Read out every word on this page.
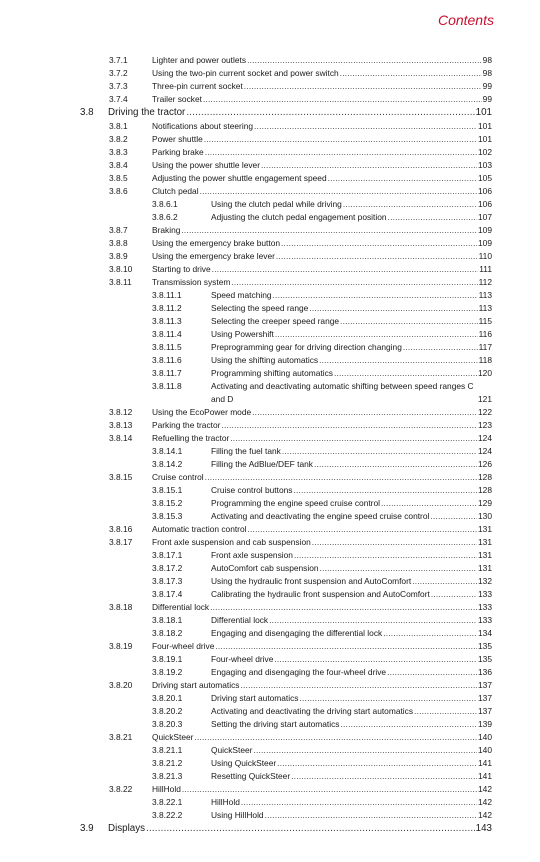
Contents
3.7.1	Lighter and power outlets .....	98
3.7.2	Using the two-pin current socket and power switch .....	98
3.7.3	Three-pin current socket .....	99
3.7.4	Trailer socket .....	99
3.8 Driving the tractor .....	101
3.8.1	Notifications about steering .....	101
3.8.2	Power shuttle .....	101
3.8.3	Parking brake .....	102
3.8.4	Using the power shuttle lever .....	103
3.8.5	Adjusting the power shuttle engagement speed .....	105
3.8.6	Clutch pedal .....	106
3.8.6.1	Using the clutch pedal while driving .....	106
3.8.6.2	Adjusting the clutch pedal engagement position .....	107
3.8.7	Braking .....	109
3.8.8	Using the emergency brake button .....	109
3.8.9	Using the emergency brake lever .....	110
3.8.10 Starting to drive .....	111
3.8.11 Transmission system .....	112
3.8.11.1	Speed matching .....	113
3.8.11.2	Selecting the speed range .....	113
3.8.11.3	Selecting the creeper speed range .....	115
3.8.11.4	Using Powershift .....	116
3.8.11.5	Preprogramming gear for driving direction changing .....	117
3.8.11.6	Using the shifting automatics .....	118
3.8.11.7	Programming shifting automatics .....	120
3.8.11.8	Activating and deactivating automatic shifting between speed ranges C and D .....	121
3.8.12 Using the EcoPower mode .....	122
3.8.13 Parking the tractor .....	123
3.8.14 Refuelling the tractor .....	124
3.8.14.1	Filling the fuel tank .....	124
3.8.14.2	Filling the AdBlue/DEF tank .....	126
3.8.15 Cruise control .....	128
3.8.15.1	Cruise control buttons .....	128
3.8.15.2	Programming the engine speed cruise control .....	129
3.8.15.3	Activating and deactivating the engine speed cruise control .....	130
3.8.16 Automatic traction control .....	131
3.8.17 Front axle suspension and cab suspension .....	131
3.8.17.1	Front axle suspension .....	131
3.8.17.2	AutoComfort cab suspension .....	131
3.8.17.3	Using the hydraulic front suspension and AutoComfort .....	132
3.8.17.4	Calibrating the hydraulic front suspension and AutoComfort .....	133
3.8.18 Differential lock .....	133
3.8.18.1	Differential lock .....	133
3.8.18.2	Engaging and disengaging the differential lock .....	134
3.8.19 Four-wheel drive .....	135
3.8.19.1	Four-wheel drive .....	135
3.8.19.2	Engaging and disengaging the four-wheel drive .....	136
3.8.20 Driving start automatics .....	137
3.8.20.1	Driving start automatics .....	137
3.8.20.2	Activating and deactivating the driving start automatics .....	137
3.8.20.3	Setting the driving start automatics .....	139
3.8.21 QuickSteer .....	140
3.8.21.1	QuickSteer .....	140
3.8.21.2	Using QuickSteer .....	141
3.8.21.3	Resetting QuickSteer .....	141
3.8.22 HillHold .....	142
3.8.22.1	HillHold .....	142
3.8.22.2	Using HillHold .....	142
3.9 Displays .....	143
